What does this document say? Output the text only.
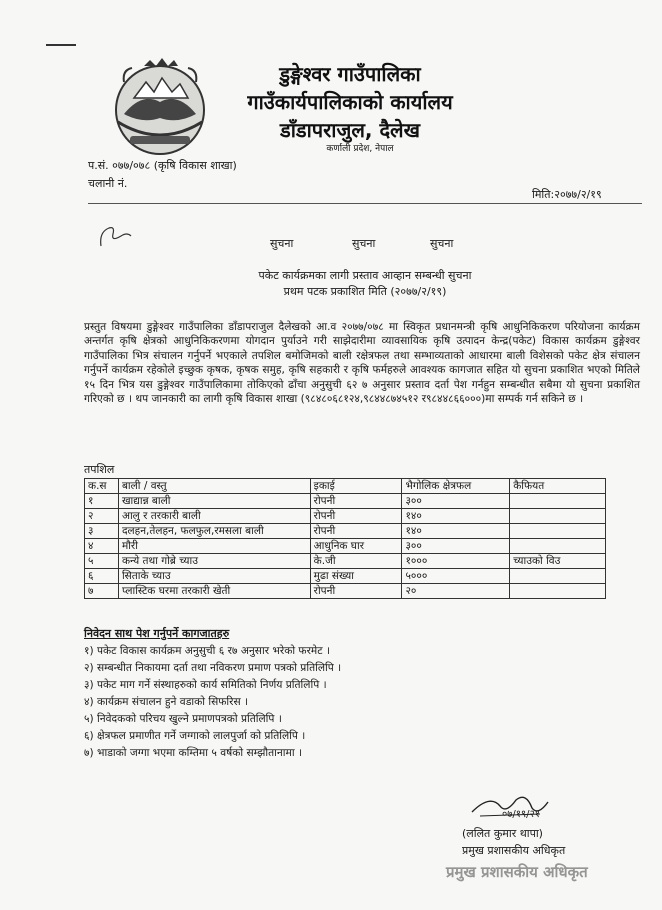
डुङ्गेश्वर गाउँपालिका
गाउँकार्यपालिकाको कार्यालय
डाँडापराजुल, दैलेख
कर्णाली प्रदेश, नेपाल
प.सं. ०७७/०७८ (कृषि विकास शाखा)
चलानी नं.
मिति:२०७७/२/१९
सुचना	सुचना	सुचना
पकेट कार्यक्रमका लागी प्रस्ताव आव्हान सम्बन्धी सुचना
प्रथम पटक प्रकाशित मिति (२०७७/२/१९)
प्रस्तुत विषयमा डुङ्गेश्वर गाउँपालिका डाँडापराजुल दैलेखको आ.व २०७७/०७८ मा स्विकृत प्रधानमन्त्री कृषि आधुनिकिकरण परियोजना कार्यक्रम अन्तर्गत कृषि क्षेत्रको आधुनिकिकरणमा योगदान पुर्याउने गरी साझेदारीमा व्यावसायिक कृषि उत्पादन केन्द्र(पकेट) विकास कार्यक्रम डुङ्गेश्वर गाउँपालिका भित्र संचालन गर्नुपर्ने भएकाले तपशिल बमोजिमको बाली रक्षेत्रफल तथा सम्भाव्यताको आधारमा बाली विशेसको पकेट क्षेत्र संचालन गर्नुपर्ने कार्यक्रम रहेकोले इच्छुक कृषक, कृषक समुह, कृषि सहकारी र कृषि फर्महरुले आवश्यक कागजात सहित यो सुचना प्रकाशित भएको मितिले १५ दिन भित्र यस डुङ्गेश्वर गाउँपालिकामा तोकिएको ढाँचा अनुसुची ६२ ७ अनुसार प्रस्ताव दर्ता पेश गर्नहुन सम्बन्धीत सबैमा यो सुचना प्रकाशित गरिएको छ । थप जानकारी का लागी कृषि विकास शाखा (९८४८०६८१२४,९८४४८७४५१२ र९८४४८६६०००)मा सम्पर्क गर्न सकिने छ ।
तपशिल
क.स	बाली / वस्तु	इकाई	भैगोलिक क्षेत्रफल	कैफियत
१	खाद्यान्न बाली	रोपनी	३००	
२	आलु र तरकारी बाली	रोपनी	१४०	
३	दलहन,तेलहन, फलफुल,रमसला बाली	रोपनी	१४०	
४	मौरी	आधुनिक घार	३००	
५	कन्ये तथा गोब्रे च्याउ	के.जी	१०००	च्याउको विउ
६	सिताके च्याउ	मुढा संख्या	५०००	
७	प्लास्टिक घरमा तरकारी खेती	रोपनी	२०	
निवेदन साथ पेश गर्नुपर्ने कागजातहरु
१) पकेट विकास कार्यक्रम अनुसुची ६ र७ अनुसार भरेको फरमेट ।
२) सम्बन्धीत निकायमा दर्ता तथा नविकरण प्रमाण पत्रको प्रतिलिपि ।
३) पकेट माग गर्ने संस्थाहरुको कार्य समितिको निर्णय प्रतिलिपि ।
४) कार्यक्रम संचालन हुने वडाको सिफरिस ।
५) निवेदकको परिचय खुल्ने प्रमाणपत्रको प्रतिलिपि ।
६) क्षेत्रफल प्रमाणीत गर्ने जग्गाको लालपुर्जा को प्रतिलिपि ।
७) भाडाको जग्गा भएमा कम्तिमा ५ वर्षको सम्झौतानामा ।
०७/१९/२१
(ललित कुमार थापा)
प्रमुख प्रशासकीय अधिकृत
प्रमुख प्रशासकीय अधिकृत
